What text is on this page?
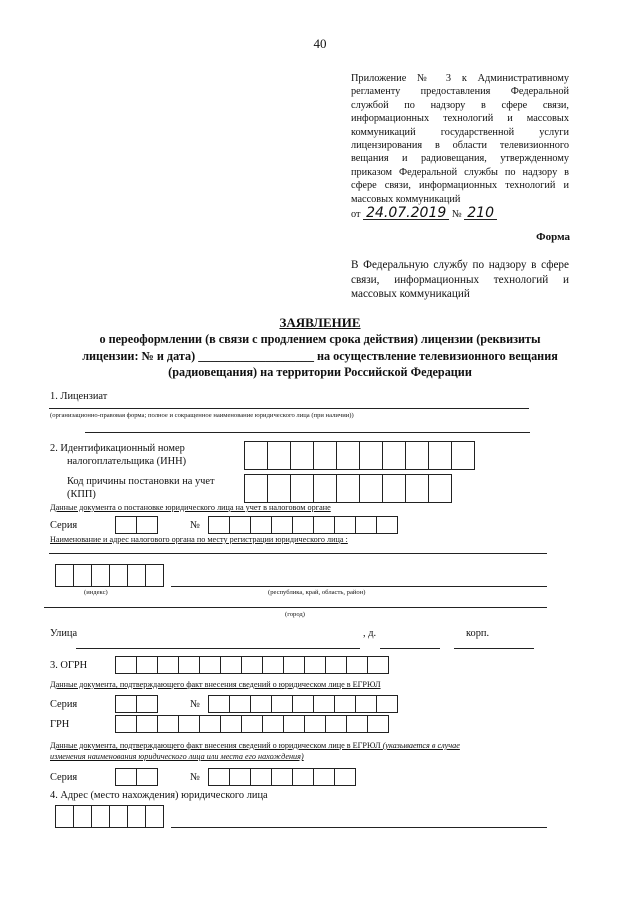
40
Приложение № 3 к Административному регламенту предоставления Федеральной службой по надзору в сфере связи, информационных технологий и массовых коммуникаций государственной услуги лицензирования в области телевизионного вещания и радиовещания, утвержденному приказом Федеральной службы по надзору в сфере связи, информационных технологий и массовых коммуникаций
от 24.07.2019 № 210
Форма
В Федеральную службу по надзору в сфере связи, информационных технологий и массовых коммуникаций
ЗАЯВЛЕНИЕ
о переоформлении (в связи с продлением срока действия) лицензии (реквизиты
лицензии: № и дата) ___________________ на осуществление телевизионного вещания
(радиовещания) на территории Российской Федерации
1. Лицензиат
(организационно-правовая форма; полное и сокращенное наименование юридического лица (при наличии))
2. Идентификационный номер
налогоплательщика (ИНН)
Код причины постановки на учет
(КПП)
Данные документа о постановке юридического лица на учет в налоговом органе
Серия	№
Наименование и адрес налогового органа по месту регистрации юридического лица :
(индекс)	(республика, край, область, район)
(город)
Улица	, д.	корп.
3. ОГРН
Данные документа, подтверждающего факт внесения сведений о юридическом лице в ЕГРЮЛ
Серия	№
ГРН
Данные документа, подтверждающего факт внесения сведений о юридическом лице в ЕГРЮЛ (указывается в случае
изменения наименования юридического лица или места его нахождения)
Серия	№
4. Адрес (место нахождения) юридического лица
